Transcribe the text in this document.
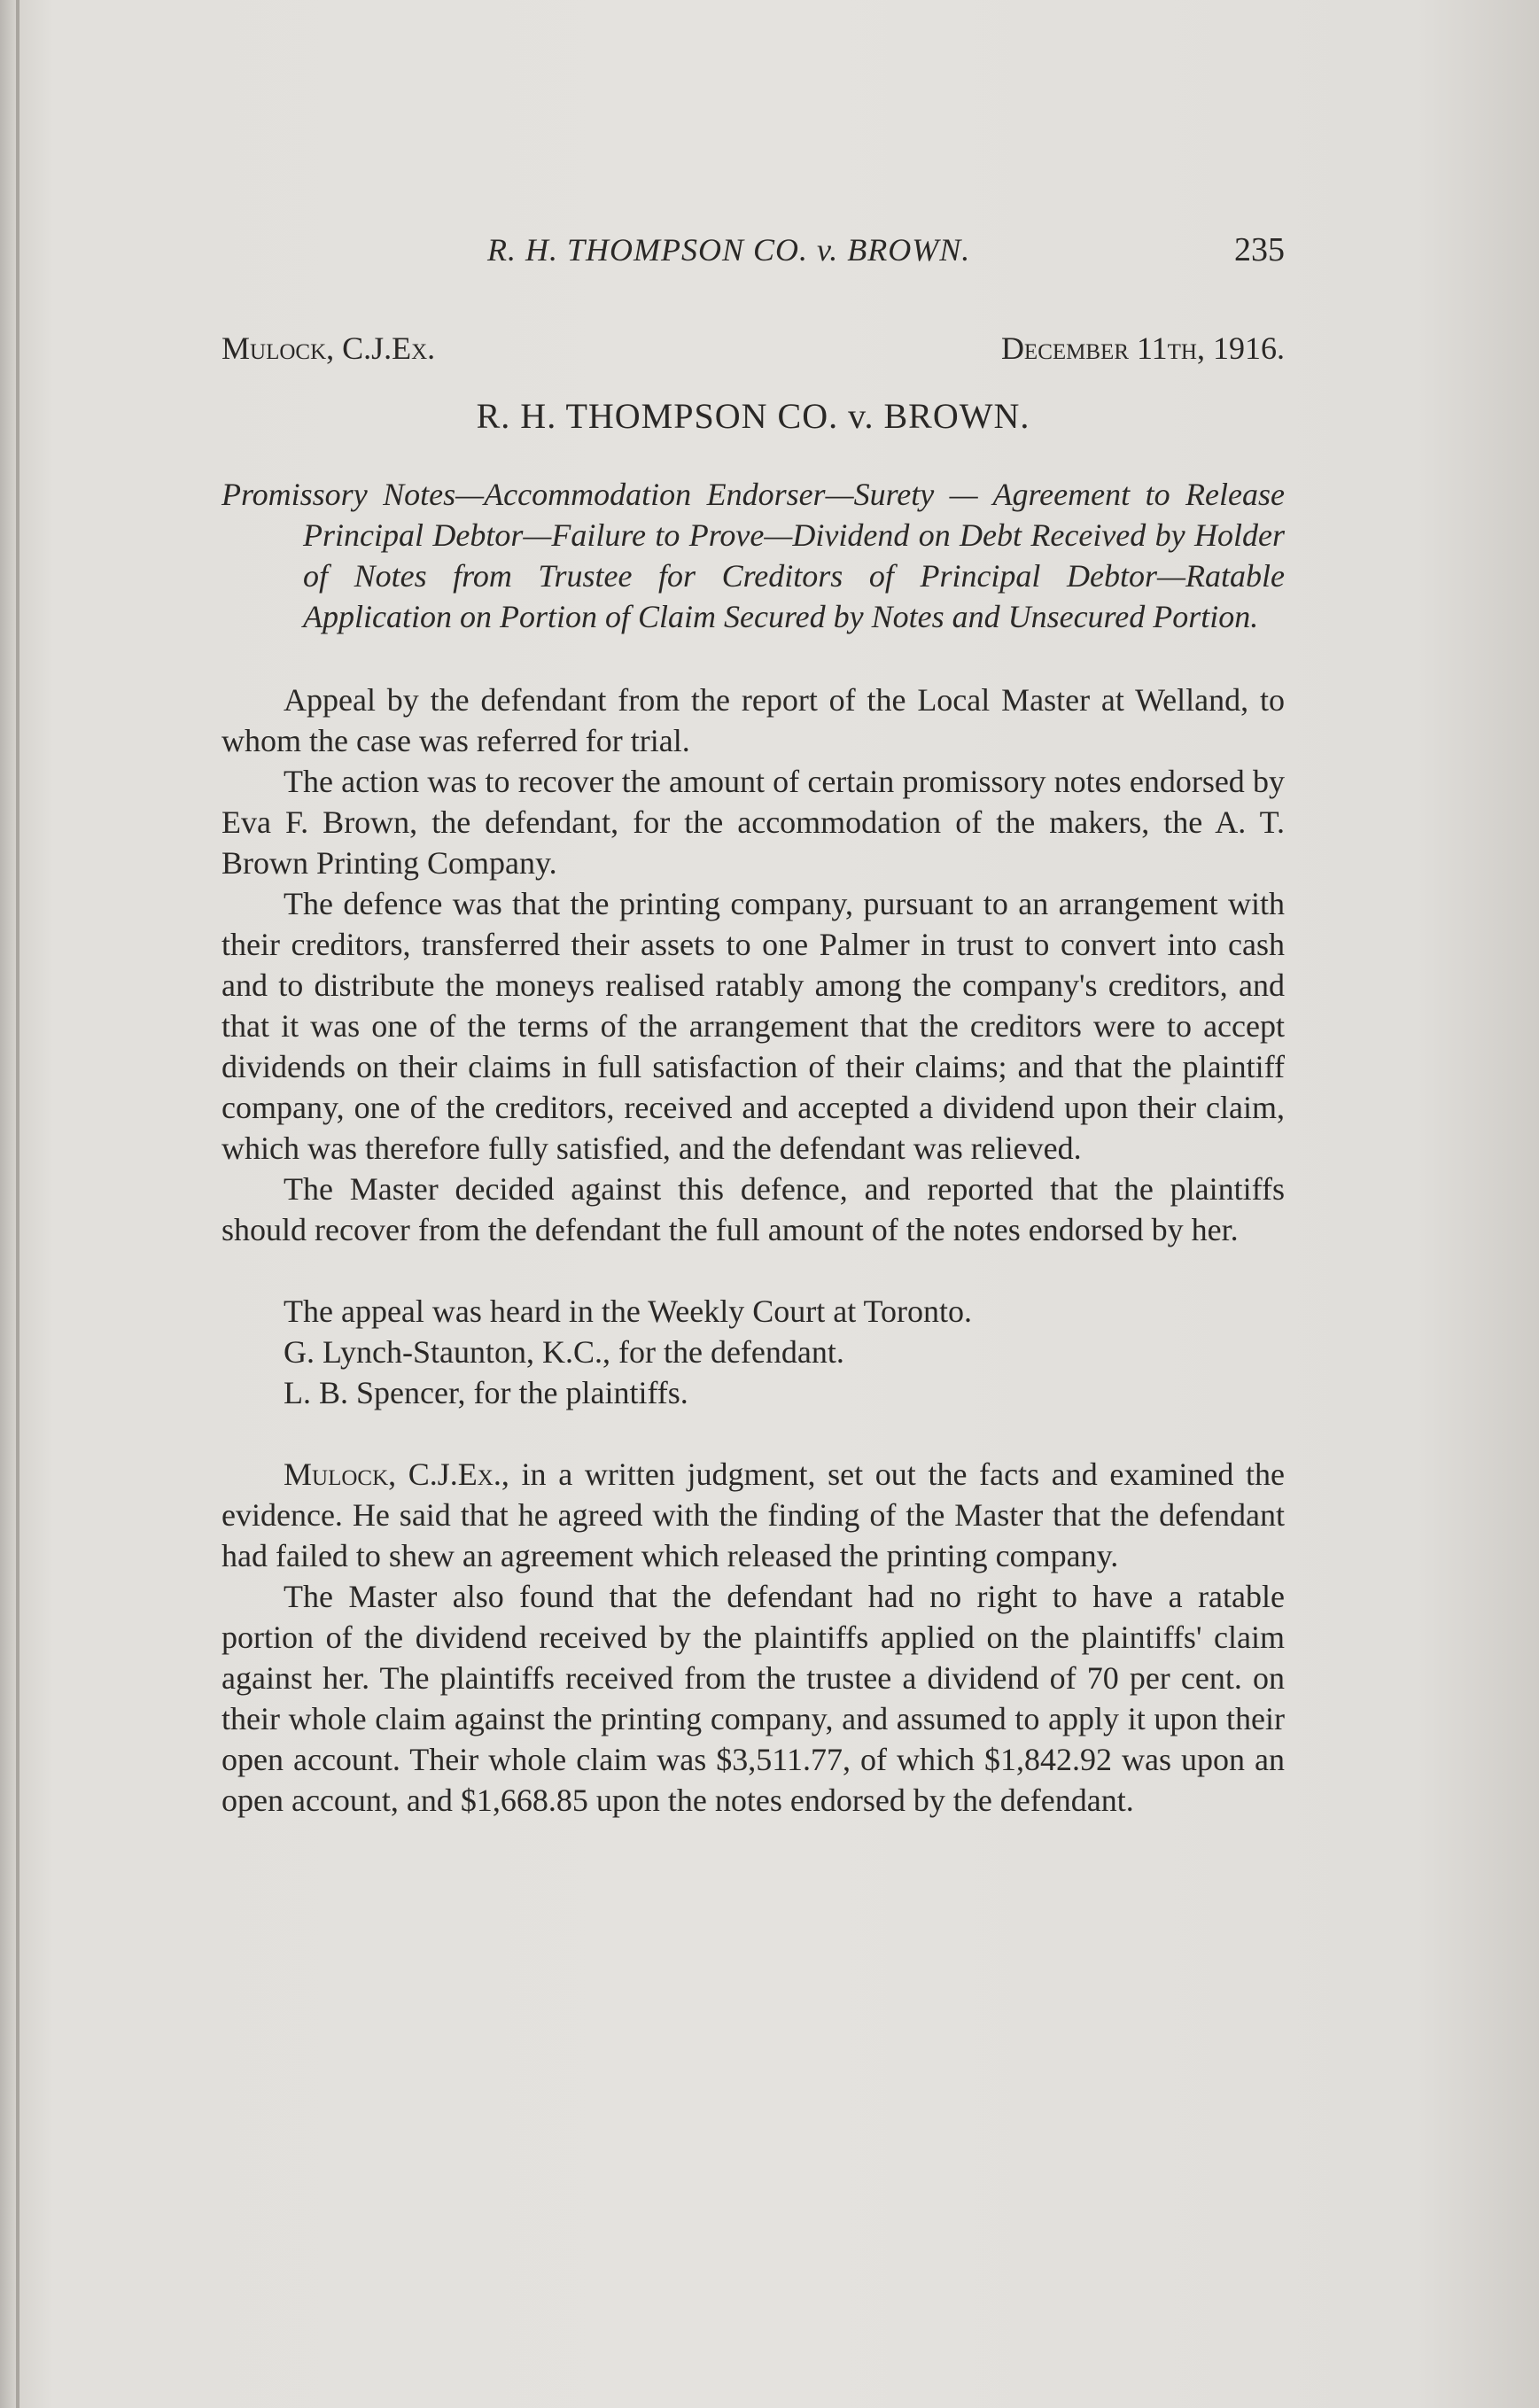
R. H. THOMPSON CO. v. BROWN.	235
Mulock, C.J.Ex.	December 11th, 1916.
R. H. THOMPSON CO. v. BROWN.
Promissory Notes—Accommodation Endorser—Surety — Agreement to Release Principal Debtor—Failure to Prove—Dividend on Debt Received by Holder of Notes from Trustee for Creditors of Principal Debtor—Ratable Application on Portion of Claim Secured by Notes and Unsecured Portion.

Appeal by the defendant from the report of the Local Master at Welland, to whom the case was referred for trial.

The action was to recover the amount of certain promissory notes endorsed by Eva F. Brown, the defendant, for the accommodation of the makers, the A. T. Brown Printing Company.

The defence was that the printing company, pursuant to an arrangement with their creditors, transferred their assets to one Palmer in trust to convert into cash and to distribute the moneys realised ratably among the company's creditors, and that it was one of the terms of the arrangement that the creditors were to accept dividends on their claims in full satisfaction of their claims; and that the plaintiff company, one of the creditors, received and accepted a dividend upon their claim, which was therefore fully satisfied, and the defendant was relieved.

The Master decided against this defence, and reported that the plaintiffs should recover from the defendant the full amount of the notes endorsed by her.

The appeal was heard in the Weekly Court at Toronto.

G. Lynch-Staunton, K.C., for the defendant.

L. B. Spencer, for the plaintiffs.

Mulock, C.J.Ex., in a written judgment, set out the facts and examined the evidence. He said that he agreed with the finding of the Master that the defendant had failed to shew an agreement which released the printing company.

The Master also found that the defendant had no right to have a ratable portion of the dividend received by the plaintiffs applied on the plaintiffs' claim against her. The plaintiffs received from the trustee a dividend of 70 per cent. on their whole claim against the printing company, and assumed to apply it upon their open account. Their whole claim was $3,511.77, of which $1,842.92 was upon an open account, and $1,668.85 upon the notes endorsed by the defendant.
